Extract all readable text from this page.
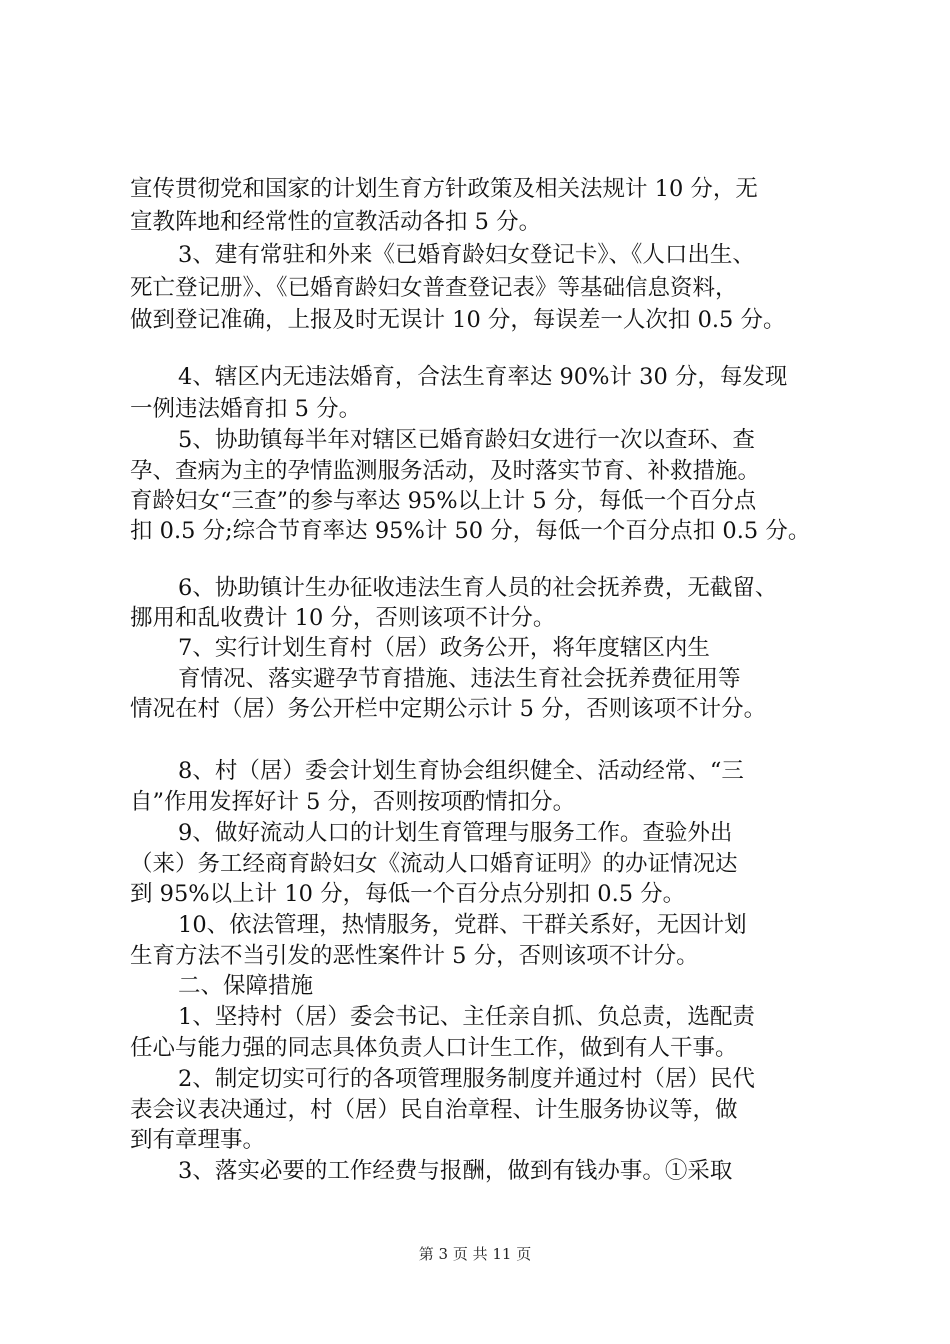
宣传贯彻党和国家的计划生育方针政策及相关法规计 10 分，无
宣教阵地和经常性的宣教活动各扣 5 分。
3、建有常驻和外来《已婚育龄妇女登记卡》、《人口出生、
死亡登记册》、《已婚育龄妇女普查登记表》等基础信息资料，
做到登记准确，上报及时无误计 10 分，每误差一人次扣 0.5 分。
4、辖区内无违法婚育，合法生育率达 90%计 30 分，每发现
一例违法婚育扣 5 分。
5、协助镇每半年对辖区已婚育龄妇女进行一次以查环、查
孕、查病为主的孕情监测服务活动，及时落实节育、补救措施。
育龄妇女“三查”的参与率达 95%以上计 5 分，每低一个百分点
扣 0.5 分;综合节育率达 95%计 50 分，每低一个百分点扣 0.5 分。
6、协助镇计生办征收违法生育人员的社会抚养费，无截留、
挪用和乱收费计 10 分，否则该项不计分。
7、实行计划生育村（居）政务公开，将年度辖区内生
育情况、落实避孕节育措施、违法生育社会抚养费征用等
情况在村（居）务公开栏中定期公示计 5 分，否则该项不计分。
8、村（居）委会计划生育协会组织健全、活动经常、“三
自”作用发挥好计 5 分，否则按项酌情扣分。
9、做好流动人口的计划生育管理与服务工作。查验外出
（来）务工经商育龄妇女《流动人口婚育证明》的办证情况达
到 95%以上计 10 分，每低一个百分点分别扣 0.5 分。
10、依法管理，热情服务，党群、干群关系好，无因计划
生育方法不当引发的恶性案件计 5 分，否则该项不计分。
二、保障措施
1、坚持村（居）委会书记、主任亲自抓、负总责，选配责
任心与能力强的同志具体负责人口计生工作，做到有人干事。
2、制定切实可行的各项管理服务制度并通过村（居）民代
表会议表决通过，村（居）民自治章程、计生服务协议等，做
到有章理事。
3、落实必要的工作经费与报酬，做到有钱办事。①采取
第 3 页 共 11 页
